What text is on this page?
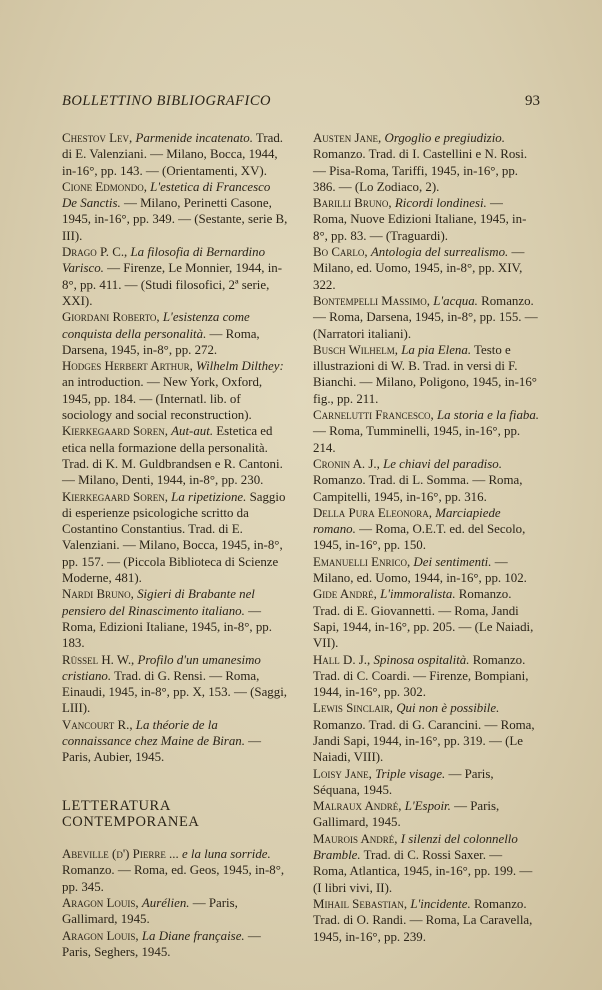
BOLLETTINO BIBLIOGRAFICO	93

Chestov Lev, Parmenide incatenato. Trad. di E. Valenziani. — Milano, Bocca, 1944, in-16°, pp. 143. — (Orientamenti, XV).

Cione Edmondo, L'estetica di Francesco De Sanctis. — Milano, Perinetti Casone, 1945, in-16°, pp. 349. — (Sestante, serie B, III).

Drago P. C., La filosofia di Bernardino Varisco. — Firenze, Le Monnier, 1944, in-8°, pp. 411. — (Studi filosofici, 2ª serie, XXI).

Giordani Roberto, L'esistenza come conquista della personalità. — Roma, Darsena, 1945, in-8°, pp. 272.

Hodges Herbert Arthur, Wilhelm Dilthey: an introduction. — New York, Oxford, 1945, pp. 184. — (Internatl. lib. of sociology and social reconstruction).

Kierkegaard Soren, Aut-aut. Estetica ed etica nella formazione della personalità. Trad. di K. M. Guldbrandsen e R. Cantoni. — Milano, Denti, 1944, in-8°, pp. 230.

Kierkegaard Soren, La ripetizione. Saggio di esperienze psicologiche scritto da Costantino Constantius. Trad. di E. Valenziani. — Milano, Bocca, 1945, in-8°, pp. 157. — (Piccola Biblioteca di Scienze Moderne, 481).

Nardi Bruno, Sigieri di Brabante nel pensiero del Rinascimento italiano. — Roma, Edizioni Italiane, 1945, in-8°, pp. 183.

Rüssel H. W., Profilo d'un umanesimo cristiano. Trad. di G. Rensi. — Roma, Einaudi, 1945, in-8°, pp. X, 153. — (Saggi, LIII).

Vancourt R., La théorie de la connaissance chez Maine de Biran. — Paris, Aubier, 1945.

LETTERATURA CONTEMPORANEA

Abeville (d') Pierre ... e la luna sorride. Romanzo. — Roma, ed. Geos, 1945, in-8°, pp. 345.

Aragon Louis, Aurélien. — Paris, Gallimard, 1945.

Aragon Louis, La Diane française. — Paris, Seghers, 1945.

Austen Jane, Orgoglio e pregiudizio. Romanzo. Trad. di I. Castellini e N. Rosi. — Pisa-Roma, Tariffi, 1945, in-16°, pp. 386. — (Lo Zodiaco, 2).

Barilli Bruno, Ricordi londinesi. — Roma, Nuove Edizioni Italiane, 1945, in-8°, pp. 83. — (Traguardi).

Bo Carlo, Antologia del surrealismo. — Milano, ed. Uomo, 1945, in-8°, pp. XIV, 322.

Bontempelli Massimo, L'acqua. Romanzo. — Roma, Darsena, 1945, in-8°, pp. 155. — (Narratori italiani).

Busch Wilhelm, La pia Elena. Testo e illustrazioni di W. B. Trad. in versi di F. Bianchi. — Milano, Poligono, 1945, in-16° fig., pp. 211.

Carnelutti Francesco, La storia e la fiaba. — Roma, Tumminelli, 1945, in-16°, pp. 214.

Cronin A. J., Le chiavi del paradiso. Romanzo. Trad. di L. Somma. — Roma, Campitelli, 1945, in-16°, pp. 316.

Della Pura Eleonora, Marciapiede romano. — Roma, O.E.T. ed. del Secolo, 1945, in-16°, pp. 150.

Emanuelli Enrico, Dei sentimenti. — Milano, ed. Uomo, 1944, in-16°, pp. 102.

Gide André, L'immoralista. Romanzo. Trad. di E. Giovannetti. — Roma, Jandi Sapi, 1944, in-16°, pp. 205. — (Le Naiadi, VII).

Hall D. J., Spinosa ospitalità. Romanzo. Trad. di C. Coardi. — Firenze, Bompiani, 1944, in-16°, pp. 302.

Lewis Sinclair, Qui non è possibile. Romanzo. Trad. di G. Carancini. — Roma, Jandi Sapi, 1944, in-16°, pp. 319. — (Le Naiadi, VIII).

Loisy Jane, Triple visage. — Paris, Séquana, 1945.

Malraux André, L'Espoir. — Paris, Gallimard, 1945.

Maurois André, I silenzi del colonnello Bramble. Trad. di C. Rossi Saxer. — Roma, Atlantica, 1945, in-16°, pp. 199. — (I libri vivi, II).

Mihail Sebastian, L'incidente. Romanzo. Trad. di O. Randi. — Roma, La Caravella, 1945, in-16°, pp. 239.
